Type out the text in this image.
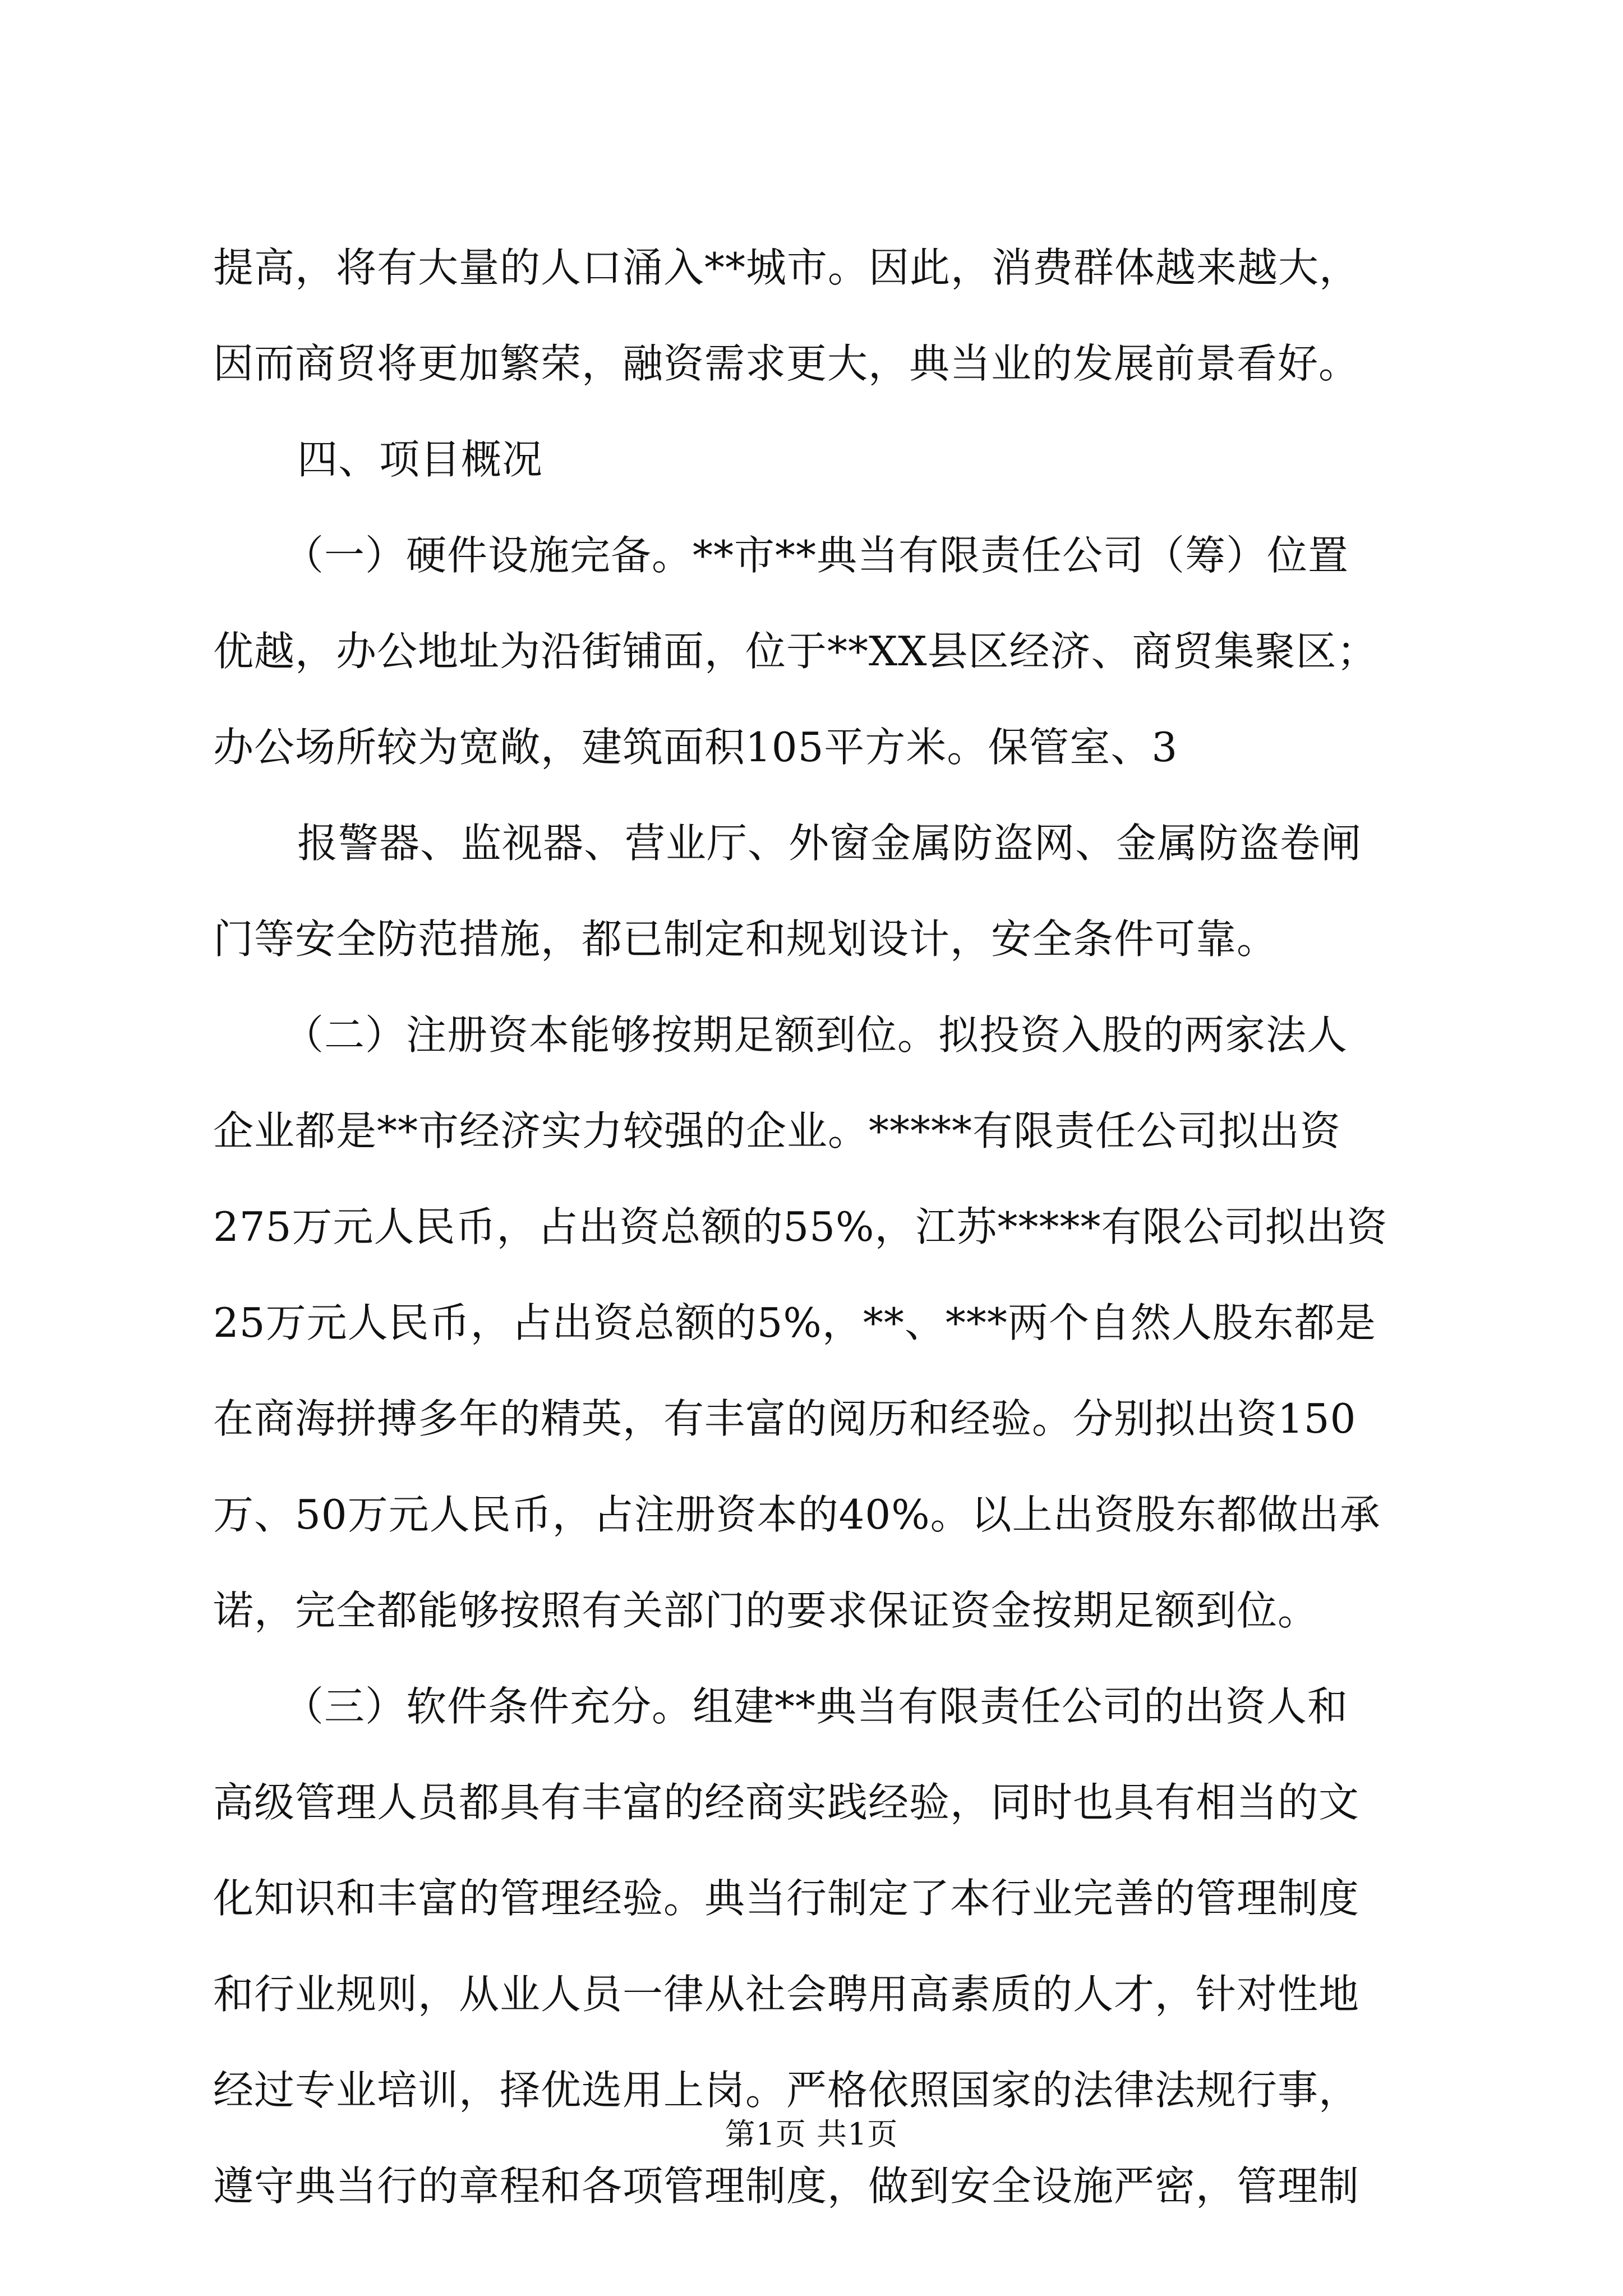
提高，将有大量的人口涌入**城市。因此，消费群体越来越大，
因而商贸将更加繁荣，融资需求更大，典当业的发展前景看好。
四、项目概况
（一）硬件设施完备。**市**典当有限责任公司（筹）位置
优越，办公地址为沿街铺面，位于**XX县区经济、商贸集聚区；
办公场所较为宽敞，建筑面积105平方米。保管室、3
报警器、监视器、营业厅、外窗金属防盗网、金属防盗卷闸
门等安全防范措施，都已制定和规划设计，安全条件可靠。
（二）注册资本能够按期足额到位。拟投资入股的两家法人
企业都是**市经济实力较强的企业。*****有限责任公司拟出资
275万元人民币，占出资总额的55%，江苏*****有限公司拟出资
25万元人民币，占出资总额的5%，**、***两个自然人股东都是
在商海拼搏多年的精英，有丰富的阅历和经验。分别拟出资150
万、50万元人民币，占注册资本的40%。以上出资股东都做出承
诺，完全都能够按照有关部门的要求保证资金按期足额到位。
（三）软件条件充分。组建**典当有限责任公司的出资人和
高级管理人员都具有丰富的经商实践经验，同时也具有相当的文
化知识和丰富的管理经验。典当行制定了本行业完善的管理制度
和行业规则，从业人员一律从社会聘用高素质的人才，针对性地
经过专业培训，择优选用上岗。严格依照国家的法律法规行事，
遵守典当行的章程和各项管理制度，做到安全设施严密，管理制
第1页 共1页
